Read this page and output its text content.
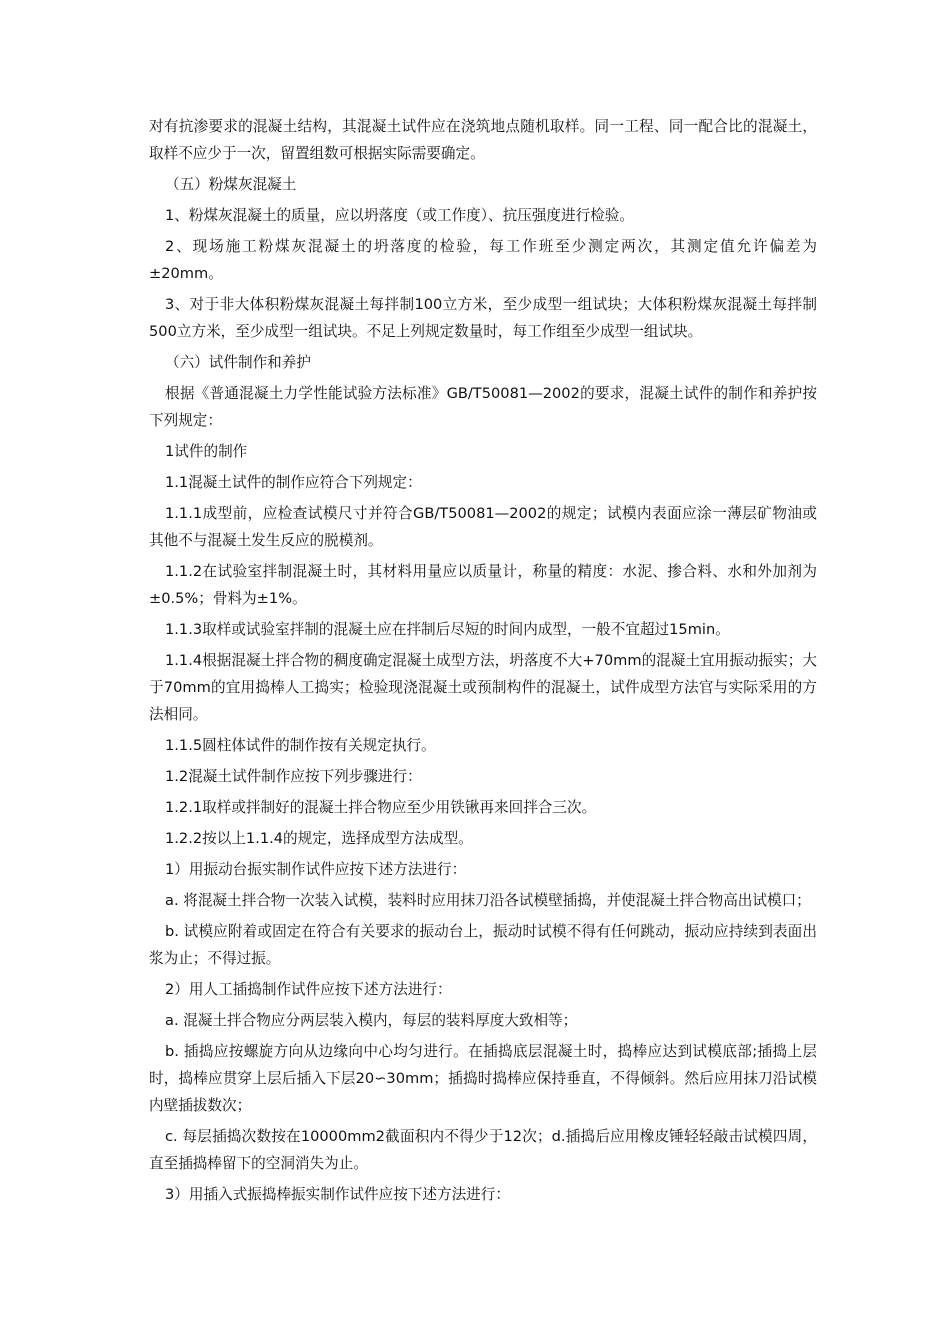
对有抗渗要求的混凝土结构，其混凝土试件应在浇筑地点随机取样。同一工程、同一配合比的混凝土，取样不应少于一次，留置组数可根据实际需要确定。

（五）粉煤灰混凝土

1、粉煤灰混凝土的质量，应以坍落度（或工作度）、抗压强度进行检验。

2、现场施工粉煤灰混凝土的坍落度的检验，每工作班至少测定两次，其测定值允许偏差为±20mm。

3、对于非大体积粉煤灰混凝土每拌制100立方米，至少成型一组试块；大体积粉煤灰混凝土每拌制500立方米，至少成型一组试块。不足上列规定数量时，每工作组至少成型一组试块。

（六）试件制作和养护

根据《普通混凝土力学性能试验方法标准》GB/T50081—2002的要求，混凝土试件的制作和养护按下列规定：

1试件的制作

1.1混凝土试件的制作应符合下列规定：

1.1.1成型前，应检查试模尺寸并符合GB/T50081—2002的规定；试模内表面应涂一薄层矿物油或其他不与混凝土发生反应的脱模剂。

1.1.2在试验室拌制混凝土时，其材料用量应以质量计，称量的精度：水泥、掺合料、水和外加剂为±0.5%；骨料为±1%。

1.1.3取样或试验室拌制的混凝土应在拌制后尽短的时间内成型，一般不宜超过15min。

1.1.4根据混凝土拌合物的稠度确定混凝土成型方法，坍落度不大+70mm的混凝土宜用振动振实；大于70mm的宜用捣棒人工捣实；检验现浇混凝土或预制构件的混凝土，试件成型方法官与实际采用的方法相同。

1.1.5圆柱体试件的制作按有关规定执行。

1.2混凝土试件制作应按下列步骤进行：

1.2.1取样或拌制好的混凝土拌合物应至少用铁锹再来回拌合三次。

1.2.2按以上1.1.4的规定，选择成型方法成型。

1）用振动台振实制作试件应按下述方法进行：

a. 将混凝土拌合物一次装入试模，装料时应用抹刀沿各试模壁插捣，并使混凝土拌合物高出试模口；

b. 试模应附着或固定在符合有关要求的振动台上，振动时试模不得有任何跳动，振动应持续到表面出浆为止；不得过振。

2）用人工插捣制作试件应按下述方法进行：

a. 混凝土拌合物应分两层装入模内，每层的装料厚度大致相等；

b. 插捣应按螺旋方向从边缘向中心均匀进行。在插捣底层混凝土时，捣棒应达到试模底部;插捣上层时，捣棒应贯穿上层后插入下层20∽30mm；插捣时捣棒应保持垂直，不得倾斜。然后应用抹刀沿试模内壁插拔数次；

c. 每层插捣次数按在10000mm2截面积内不得少于12次；d.插捣后应用橡皮锤轻轻敲击试模四周，直至插捣棒留下的空洞消失为止。

3）用插入式振捣棒振实制作试件应按下述方法进行：
